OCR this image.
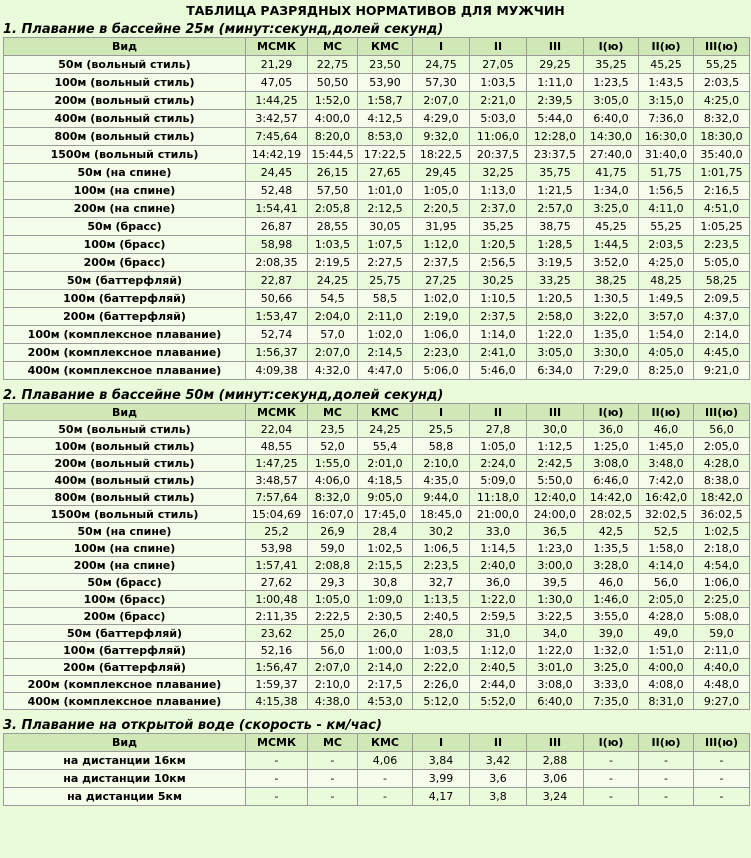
ТАБЛИЦА РАЗРЯДНЫХ НОРМАТИВОВ ДЛЯ МУЖЧИН
1. Плавание в бассейне 25м (минут:секунд,долей секунд)
Вид	МСМК	МС	КМС	I	II	III	I(ю)	II(ю)	III(ю)
50м (вольный стиль)	21,29	22,75	23,50	24,75	27,05	29,25	35,25	45,25	55,25
100м (вольный стиль)	47,05	50,50	53,90	57,30	1:03,5	1:11,0	1:23,5	1:43,5	2:03,5
200м (вольный стиль)	1:44,25	1:52,0	1:58,7	2:07,0	2:21,0	2:39,5	3:05,0	3:15,0	4:25,0
400м (вольный стиль)	3:42,57	4:00,0	4:12,5	4:29,0	5:03,0	5:44,0	6:40,0	7:36,0	8:32,0
800м (вольный стиль)	7:45,64	8:20,0	8:53,0	9:32,0	11:06,0	12:28,0	14:30,0	16:30,0	18:30,0
1500м (вольный стиль)	14:42,19	15:44,5	17:22,5	18:22,5	20:37,5	23:37,5	27:40,0	31:40,0	35:40,0
50м (на спине)	24,45	26,15	27,65	29,45	32,25	35,75	41,75	51,75	1:01,75
100м (на спине)	52,48	57,50	1:01,0	1:05,0	1:13,0	1:21,5	1:34,0	1:56,5	2:16,5
200м (на спине)	1:54,41	2:05,8	2:12,5	2:20,5	2:37,0	2:57,0	3:25,0	4:11,0	4:51,0
50м (брасс)	26,87	28,55	30,05	31,95	35,25	38,75	45,25	55,25	1:05,25
100м (брасс)	58,98	1:03,5	1:07,5	1:12,0	1:20,5	1:28,5	1:44,5	2:03,5	2:23,5
200м (брасс)	2:08,35	2:19,5	2:27,5	2:37,5	2:56,5	3:19,5	3:52,0	4:25,0	5:05,0
50м (баттерфляй)	22,87	24,25	25,75	27,25	30,25	33,25	38,25	48,25	58,25
100м (баттерфляй)	50,66	54,5	58,5	1:02,0	1:10,5	1:20,5	1:30,5	1:49,5	2:09,5
200м (баттерфляй)	1:53,47	2:04,0	2:11,0	2:19,0	2:37,5	2:58,0	3:22,0	3:57,0	4:37,0
100м (комплексное плавание)	52,74	57,0	1:02,0	1:06,0	1:14,0	1:22,0	1:35,0	1:54,0	2:14,0
200м (комплексное плавание)	1:56,37	2:07,0	2:14,5	2:23,0	2:41,0	3:05,0	3:30,0	4:05,0	4:45,0
400м (комплексное плавание)	4:09,38	4:32,0	4:47,0	5:06,0	5:46,0	6:34,0	7:29,0	8:25,0	9:21,0
2. Плавание в бассейне 50м (минут:секунд,долей секунд)
Вид	МСМК	МС	КМС	I	II	III	I(ю)	II(ю)	III(ю)
50м (вольный стиль)	22,04	23,5	24,25	25,5	27,8	30,0	36,0	46,0	56,0
100м (вольный стиль)	48,55	52,0	55,4	58,8	1:05,0	1:12,5	1:25,0	1:45,0	2:05,0
200м (вольный стиль)	1:47,25	1:55,0	2:01,0	2:10,0	2:24,0	2:42,5	3:08,0	3:48,0	4:28,0
400м (вольный стиль)	3:48,57	4:06,0	4:18,5	4:35,0	5:09,0	5:50,0	6:46,0	7:42,0	8:38,0
800м (вольный стиль)	7:57,64	8:32,0	9:05,0	9:44,0	11:18,0	12:40,0	14:42,0	16:42,0	18:42,0
1500м (вольный стиль)	15:04,69	16:07,0	17:45,0	18:45,0	21:00,0	24:00,0	28:02,5	32:02,5	36:02,5
50м (на спине)	25,2	26,9	28,4	30,2	33,0	36,5	42,5	52,5	1:02,5
100м (на спине)	53,98	59,0	1:02,5	1:06,5	1:14,5	1:23,0	1:35,5	1:58,0	2:18,0
200м (на спине)	1:57,41	2:08,8	2:15,5	2:23,5	2:40,0	3:00,0	3:28,0	4:14,0	4:54,0
50м (брасс)	27,62	29,3	30,8	32,7	36,0	39,5	46,0	56,0	1:06,0
100м (брасс)	1:00,48	1:05,0	1:09,0	1:13,5	1:22,0	1:30,0	1:46,0	2:05,0	2:25,0
200м (брасс)	2:11,35	2:22,5	2:30,5	2:40,5	2:59,5	3:22,5	3:55,0	4:28,0	5:08,0
50м (баттерфляй)	23,62	25,0	26,0	28,0	31,0	34,0	39,0	49,0	59,0
100м (баттерфляй)	52,16	56,0	1:00,0	1:03,5	1:12,0	1:22,0	1:32,0	1:51,0	2:11,0
200м (баттерфляй)	1:56,47	2:07,0	2:14,0	2:22,0	2:40,5	3:01,0	3:25,0	4:00,0	4:40,0
200м (комплексное плавание)	1:59,37	2:10,0	2:17,5	2:26,0	2:44,0	3:08,0	3:33,0	4:08,0	4:48,0
400м (комплексное плавание)	4:15,38	4:38,0	4:53,0	5:12,0	5:52,0	6:40,0	7:35,0	8:31,0	9:27,0
3. Плавание на открытой воде (скорость - км/час)
Вид	МСМК	МС	КМС	I	II	III	I(ю)	II(ю)	III(ю)
на дистанции 16км	-	-	4,06	3,84	3,42	2,88	-	-	-
на дистанции 10км	-	-	-	3,99	3,6	3,06	-	-	-
на дистанции 5км	-	-	-	4,17	3,8	3,24	-	-	-
